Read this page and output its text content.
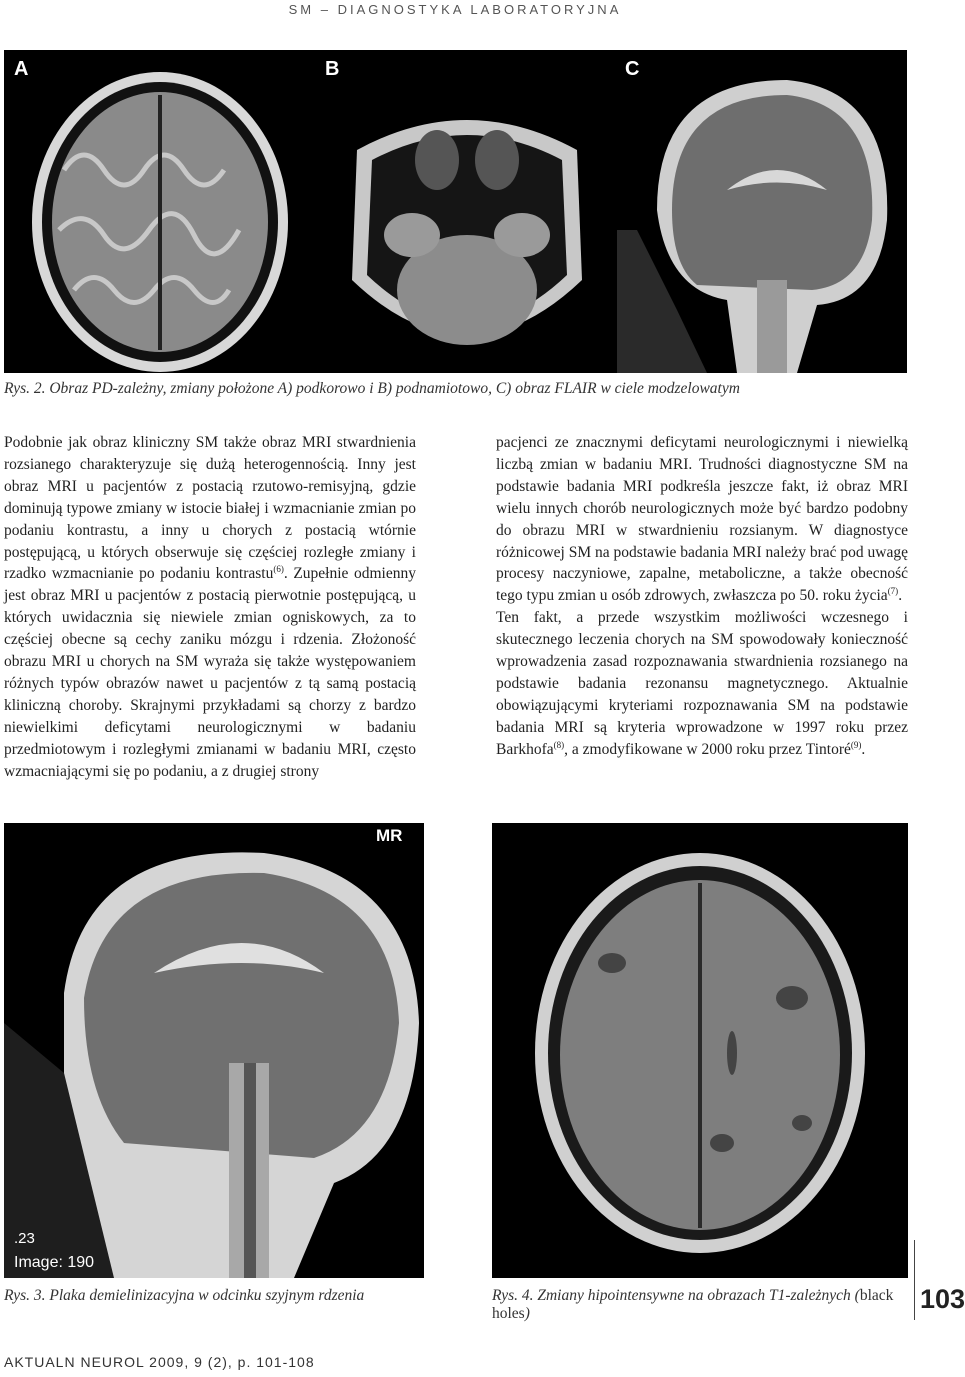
SM – DIAGNOSTYKA LABORATORYJNA
A	B	C
Rys. 2. Obraz PD-zależny, zmiany położone A) podkorowo i B) podnamiotowo, C) obraz FLAIR w ciele modzelowatym

Podobnie jak obraz kliniczny SM także obraz MRI stwardnienia rozsianego charakteryzuje się dużą heterogennością. Inny jest obraz MRI u pacjentów z postacią rzutowo-remisyjną, gdzie dominują typowe zmiany w istocie białej i wzmacnianie zmian po podaniu kontrastu, a inny u chorych z postacią wtórnie postępującą, u których obserwuje się częściej rozległe zmiany i rzadko wzmacnianie po podaniu kontrastu$^{(6)}$. Zupełnie odmienny jest obraz MRI u pacjentów z postacią pierwotnie postępującą, u których uwidacznia się niewiele zmian ogniskowych, za to częściej obecne są cechy zaniku mózgu i rdzenia. Złożoność obrazu MRI u chorych na SM wyraża się także występowaniem różnych typów obrazów nawet u pacjentów z tą samą postacią kliniczną choroby. Skrajnymi przykładami są chorzy z bardzo niewielkimi deficytami neurologicznymi w badaniu przedmiotowym i rozległymi zmianami w badaniu MRI, często wzmacniającymi się po podaniu, a z drugiej strony

pacjenci ze znacznymi deficytami neurologicznymi i niewielką liczbą zmian w badaniu MRI. Trudności diagnostyczne SM na podstawie badania MRI podkreśla jeszcze fakt, iż obraz MRI wielu innych chorób neurologicznych może być bardzo podobny do obrazu MRI w stwardnieniu rozsianym. W diagnostyce różnicowej SM na podstawie badania MRI należy brać pod uwagę procesy naczyniowe, zapalne, metaboliczne, a także obecność tego typu zmian u osób zdrowych, zwłaszcza po 50. roku życia$^{(7)}$.

Ten fakt, a przede wszystkim możliwości wczesnego i skutecznego leczenia chorych na SM spowodowały konieczność wprowadzenia zasad rozpoznawania stwardnienia rozsianego na podstawie badania rezonansu magnetycznego. Aktualnie obowiązującymi kryteriami rozpoznawania SM na podstawie badania MRI są kryteria wprowadzone w 1997 roku przez Barkhofa$^{(8)}$, a zmodyfikowane w 2000 roku przez Tintoré$^{(9)}$.

MR
.23
Image: 190
Rys. 3. Plaka demielinizacyjna w odcinku szyjnym rdzenia	Rys. 4. Zmiany hipointensywne na obrazach T1-zależnych (black holes)	103
AKTUALN NEUROL 2009, 9 (2), p. 101-108
